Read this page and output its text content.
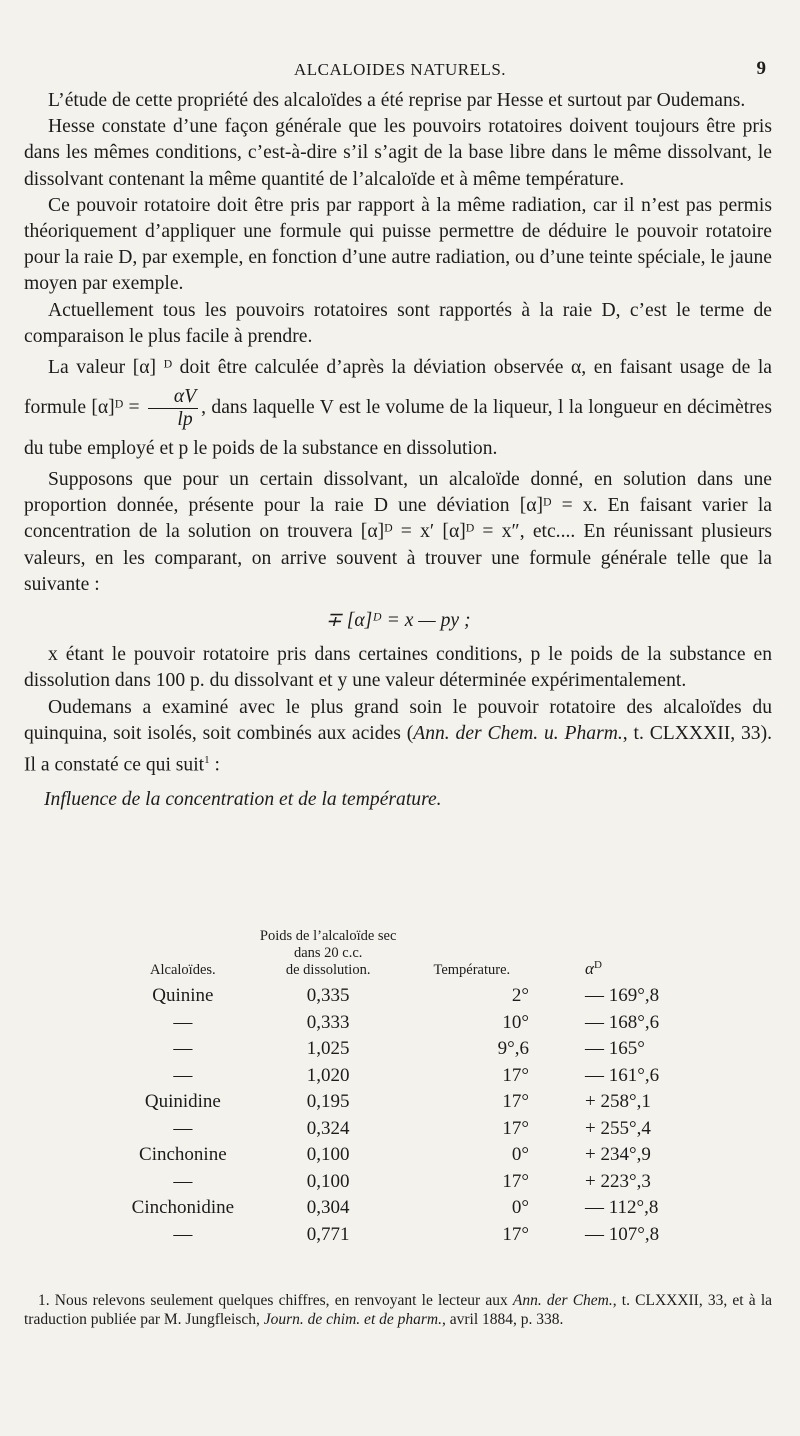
ALCALOIDES NATURELS.	9

L’étude de cette propriété des alcaloïdes a été reprise par Hesse et surtout par Oudemans.

Hesse constate d’une façon générale que les pouvoirs rotatoires doivent toujours être pris dans les mêmes conditions, c’est-à-dire s’il s’agit de la base libre dans le même dissolvant, le dissolvant contenant la même quantité de l’alcaloïde et à même température.

Ce pouvoir rotatoire doit être pris par rapport à la même radiation, car il n’est pas permis théoriquement d’appliquer une formule qui puisse permettre de déduire le pouvoir rotatoire pour la raie D, par exemple, en fonction d’une autre radiation, ou d’une teinte spéciale, le jaune moyen par exemple.

Actuellement tous les pouvoirs rotatoires sont rapportés à la raie D, c’est le terme de comparaison le plus facile à prendre.

La valeur [α] ᴰ doit être calculée d’après la déviation observée α, en faisant usage de la formule [α]ᴰ = $\frac{\alpha V}{lp}$ , dans laquelle V est le volume de la liqueur, l la longueur en décimètres du tube employé et p le poids de la substance en dissolution.

Supposons que pour un certain dissolvant, un alcaloïde donné, en solution dans une proportion donnée, présente pour la raie D une déviation [α]ᴰ = x. En faisant varier la concentration de la solution on trouvera [α]ᴰ = x′ [α]ᴰ = x″, etc.... En réunissant plusieurs valeurs, en les comparant, on arrive souvent à trouver une formule générale telle que la suivante :

∓ [α]ᴰ = x — py ;

x étant le pouvoir rotatoire pris dans certaines conditions, p le poids de la substance en dissolution dans 100 p. du dissolvant et y une valeur déterminée expérimentalement.

Oudemans a examiné avec le plus grand soin le pouvoir rotatoire des alcaloïdes du quinquina, soit isolés, soit combinés aux acides (Ann. der Chem. u. Pharm., t. CLXXXII, 33). Il a constaté ce qui suit$^1$ :

Influence de la concentration et de la température.

Alcaloïdes.	Poids de l’alcaloïde sec
dans 20 c.c.
de dissolution.	Température.	$\alpha^D$
Quinine	0,335	2°	— 169°,8
—	0,333	10°	— 168°,6
—	1,025	9°,6	— 165°
—	1,020	17°	— 161°,6
Quinidine	0,195	17°	+ 258°,1
—	0,324	17°	+ 255°,4
Cinchonine	0,100	0°	+ 234°,9
—	0,100	17°	+ 223°,3
Cinchonidine	0,304	0°	— 112°,8
—	0,771	17°	— 107°,8

1. Nous relevons seulement quelques chiffres, en renvoyant le lecteur aux Ann. der Chem., t. CLXXXII, 33, et à la traduction publiée par M. Jungfleisch, Journ. de chim. et de pharm., avril 1884, p. 338.
